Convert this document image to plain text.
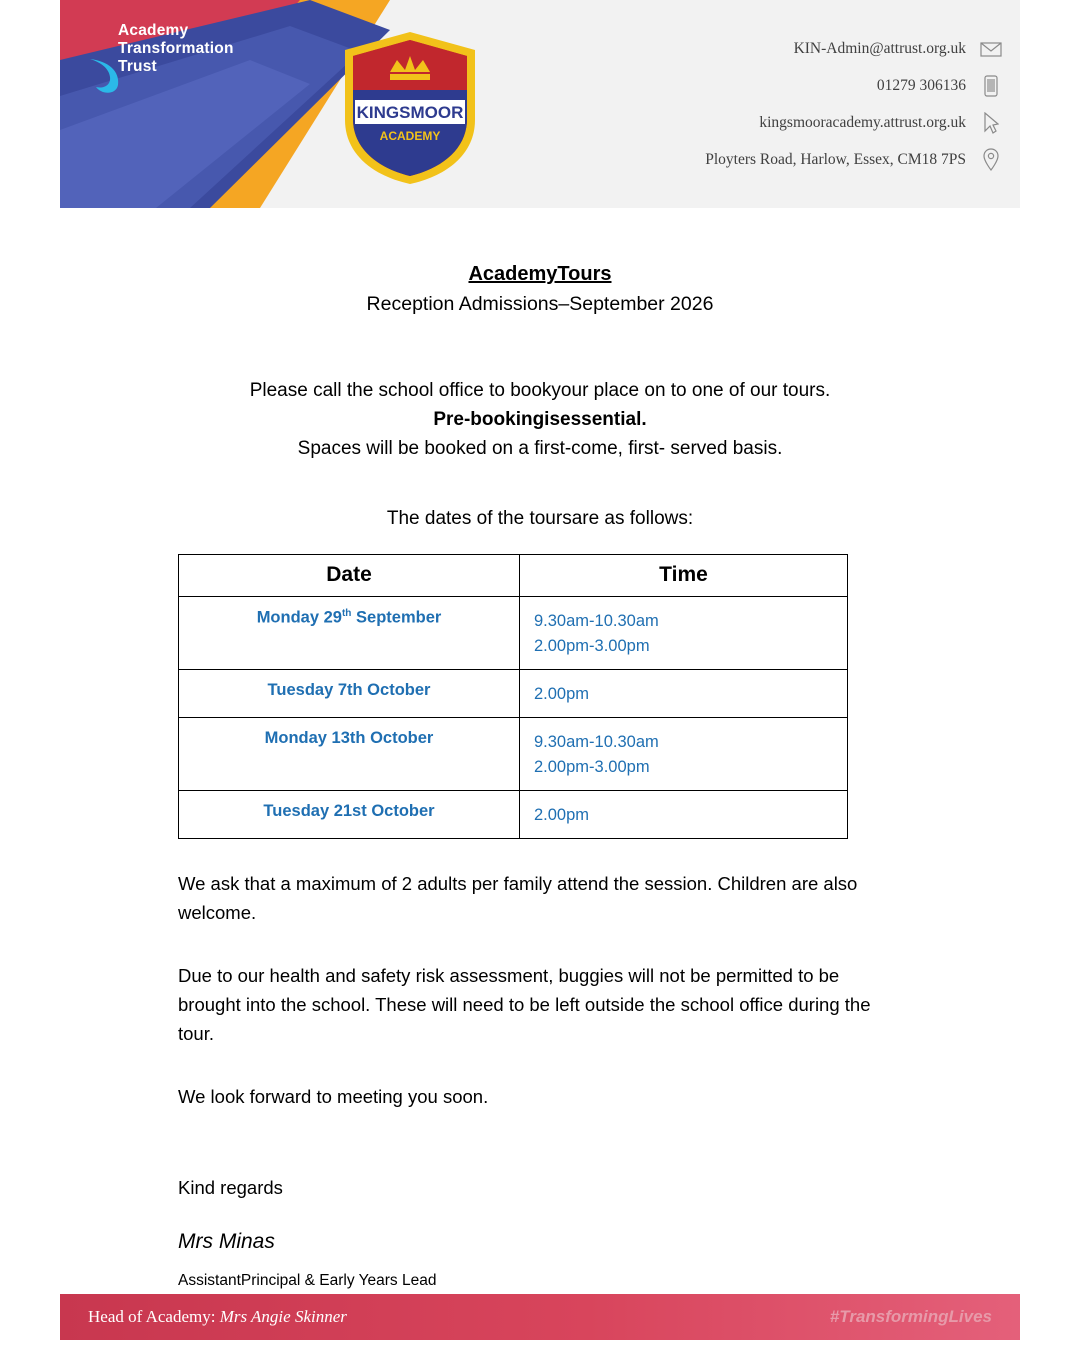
Academy
Transformation
Trust
KINGSMOOR
ACADEMY
KIN-Admin@attrust.org.uk
01279 306136
kingsmooracademy.attrust.org.uk
Ployters Road, Harlow, Essex, CM18 7PS
AcademyTours
Reception Admissions–September 2026
Please call the school office to bookyour place on to one of our tours.
Pre-bookingisessential.
Spaces will be booked on a first-come, first- served basis.
The dates of the toursare as follows:
Date	Time
Monday 29th September	9.30am-10.30am
2.00pm-3.00pm

Tuesday 7th October	2.00pm
Monday 13th October	9.30am-10.30am
2.00pm-3.00pm

Tuesday 21st October	2.00pm
We ask that a maximum of 2 adults per family attend the session. Children are also welcome.
Due to our health and safety risk assessment, buggies will not be permitted to be brought into the school. These will need to be left outside the school office during the tour.
We look forward to meeting you soon.
Kind regards
Mrs Minas
AssistantPrincipal & Early Years Lead
Head of Academy: Mrs Angie Skinner	#TransformingLives
